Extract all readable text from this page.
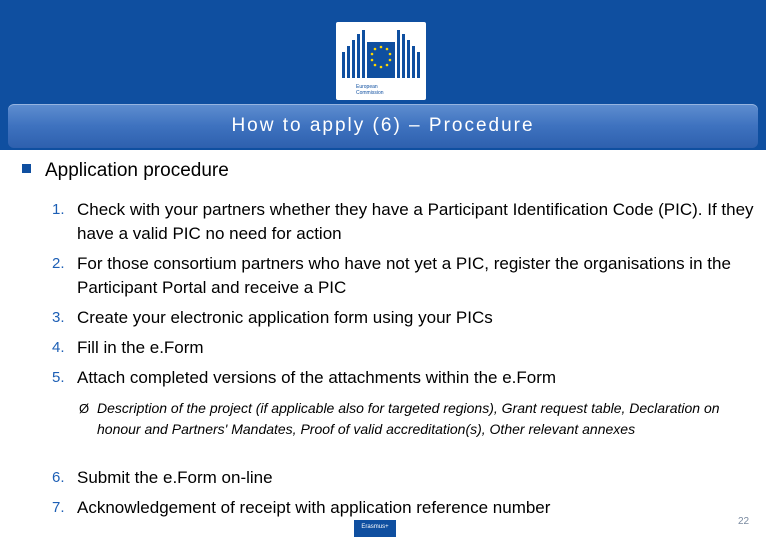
European
Commission
How to apply (6) – Procedure
Application procedure
1. Check with your partners whether they have a Participant Identification Code (PIC). If they have a valid PIC no need for action
2. For those consortium partners who have not yet a PIC, register the organisations in the Participant Portal and receive a PIC
3. Create your electronic application form using your PICs
4. Fill in the e.Form
5. Attach completed versions of the attachments within the e.Form
Ø Description of the project (if applicable also for targeted regions), Grant request table, Declaration on honour and Partners' Mandates, Proof of valid accreditation(s), Other relevant annexes
6. Submit the e.Form on-line
7. Acknowledgement of receipt with application reference number
Erasmus+	22
